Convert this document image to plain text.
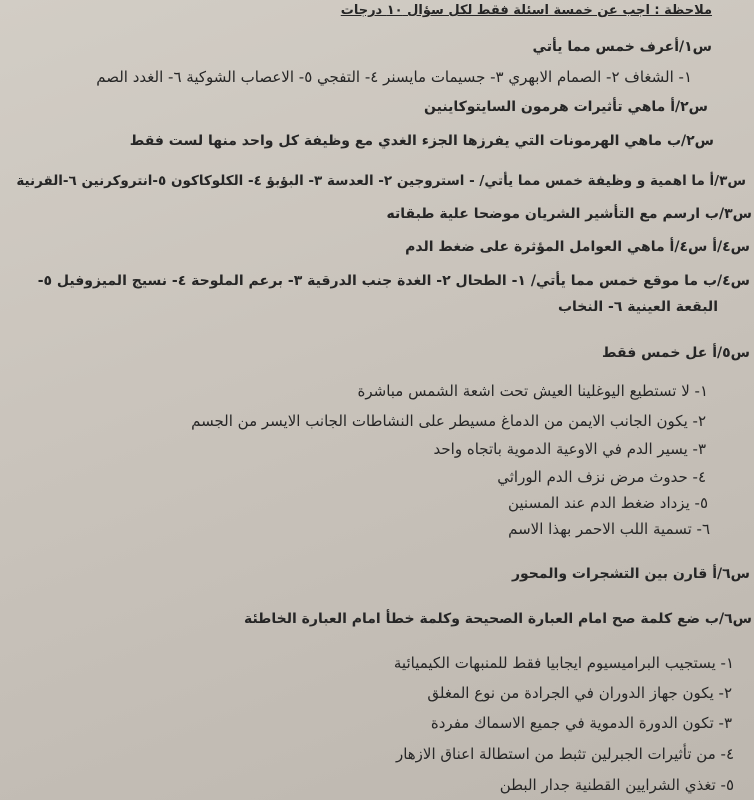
ملاحظة : اجب عن خمسة اسئلة فقط لكل سؤال ١٠ درجات
س١/أعرف خمس مما يأتي
١- الشغاف ٢- الصمام الابهري ٣- جسيمات مايسنر ٤- التفجي ٥- الاعصاب الشوكية ٦- الغدد الصم
س٢/أ ماهي تأثيرات هرمون السايتوكاينين
س٢/ب ماهي الهرمونات التي يفرزها الجزء الغدي مع وظيفة كل واحد منها لست فقط
س٣/أ ما اهمية و وظيفة خمس مما يأتي/ - استروجين ٢- العدسة ٣- البؤبؤ ٤- الكلوكاكون ٥-انتروكرنين ٦-القرنية
س٣/ب ارسم مع التأشير الشريان موضحا علية طبقاته
س٤/أ س٤/أ ماهي العوامل المؤثرة على ضغط الدم
س٤/ب ما موقع خمس مما يأتي/ ١- الطحال ٢- الغدة جنب الدرقية ٣- برعم الملوحة ٤- نسيج الميزوفيل ٥-
البقعة العينية ٦- النخاب
س٥/أ عل خمس فقط
١- لا تستطيع اليوغلينا العيش تحت اشعة الشمس مباشرة
٢- يكون الجانب الايمن من الدماغ مسيطر على النشاطات الجانب الايسر من الجسم
٣- يسير الدم في الاوعية الدموية باتجاه واحد
٤- حدوث مرض نزف الدم الوراثي
٥- يزداد ضغط الدم عند المسنين
٦- تسمية اللب الاحمر بهذا الاسم
س٦/أ قارن بين التشجرات والمحور
س٦/ب ضع كلمة صح امام العبارة الصحيحة وكلمة خطأ امام العبارة الخاطئة
١- يستجيب البراميسيوم ايجابيا فقط للمنبهات الكيميائية
٢- يكون جهاز الدوران في الجرادة من نوع المغلق
٣- تكون الدورة الدموية في جميع الاسماك مفردة
٤- من تأثيرات الجبرلين تثبط من استطالة اعناق الازهار
٥- تغذي الشرايين القطنية جدار البطن
